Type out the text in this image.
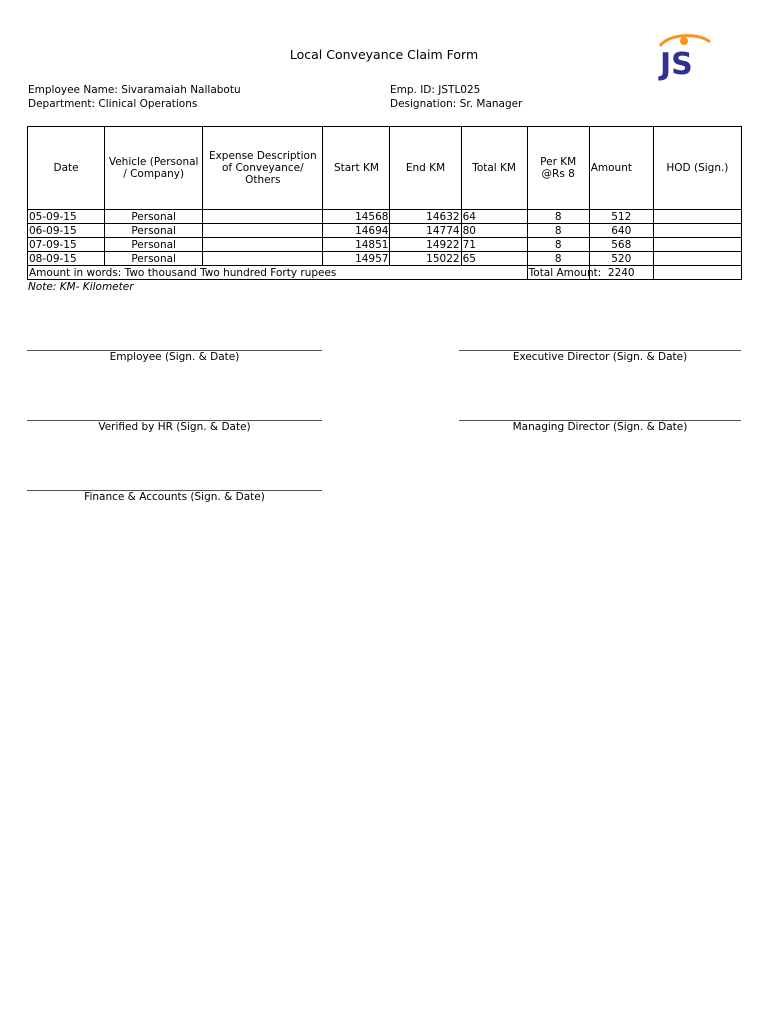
Local Conveyance Claim Form	JS
Employee Name: Sivaramaiah Nallabotu
Department: Clinical Operations
Emp. ID: JSTL025
Designation: Sr. Manager
Date	Vehicle (Personal / Company)	Expense Description of Conveyance/ Others	Start KM	End KM	Total KM	Per KM @Rs 8	Amount	HOD (Sign.)
05-09-15	Personal		14568	14632	64	8	512	
06-09-15	Personal		14694	14774	80	8	640	
07-09-15	Personal		14851	14922	71	8	568	
08-09-15	Personal		14957	15022	65	8	520	
Amount in words: Two thousand Two hundred Forty rupees						Total Amount:	2240	
Note: KM- Kilometer
Employee (Sign. & Date)	Executive Director (Sign. & Date)
Verified by HR (Sign. & Date)	Managing Director (Sign. & Date)
Finance & Accounts (Sign. & Date)
